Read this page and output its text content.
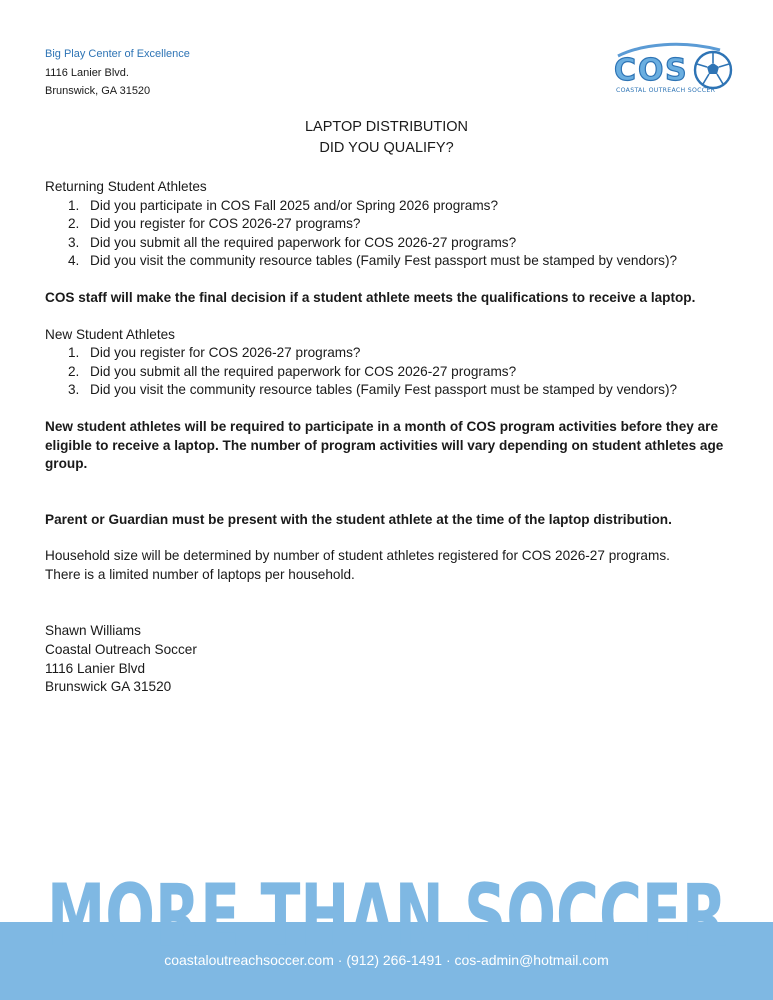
Big Play Center of Excellence
1116 Lanier Blvd.
Brunswick, GA 31520
C O S
COASTAL OUTREACH SOCCER
LAPTOP DISTRIBUTION
DID YOU QUALIFY?
Returning Student Athletes
1. Did you participate in COS Fall 2025 and/or Spring 2026 programs?
2. Did you register for COS 2026-27 programs?
3. Did you submit all the required paperwork for COS 2026-27 programs?
4. Did you visit the community resource tables (Family Fest passport must be stamped by vendors)?
COS staff will make the final decision if a student athlete meets the qualifications to receive a laptop.
New Student Athletes
1. Did you register for COS 2026-27 programs?
2. Did you submit all the required paperwork for COS 2026-27 programs?
3. Did you visit the community resource tables (Family Fest passport must be stamped by vendors)?
New student athletes will be required to participate in a month of COS program activities before they are eligible to receive a laptop. The number of program activities will vary depending on student athletes age group.
Parent or Guardian must be present with the student athlete at the time of the laptop distribution.
Household size will be determined by number of student athletes registered for COS 2026-27 programs.
There is a limited number of laptops per household.
Shawn Williams
Coastal Outreach Soccer
1116 Lanier Blvd
Brunswick GA 31520
MORE THAN SOCCER
coastaloutreachsoccer.com · (912) 266-1491 · cos-admin@hotmail.com
